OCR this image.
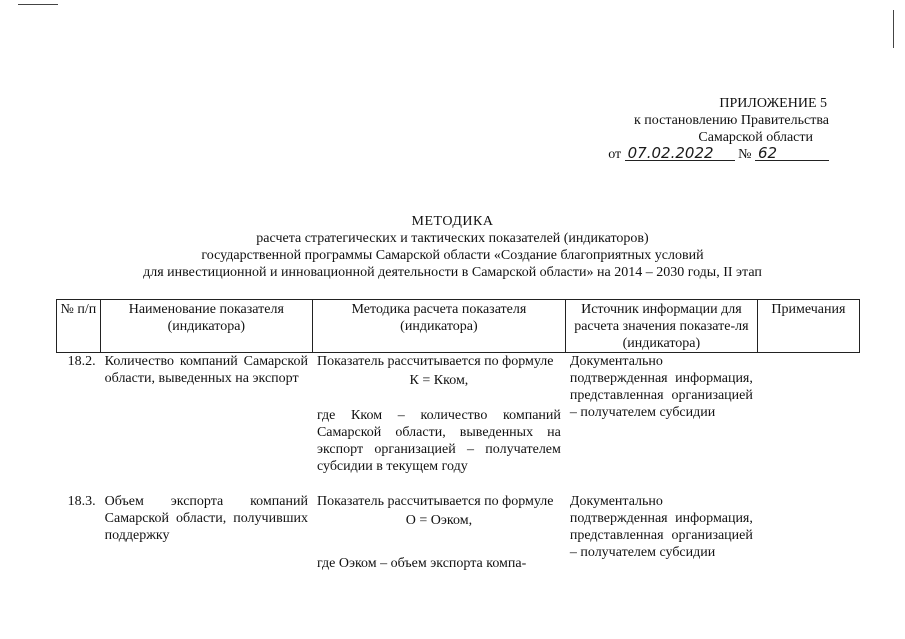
ПРИЛОЖЕНИЕ 5
к постановлению Правительства
Самарской области
от 07.02.2022 № 62
МЕТОДИКА
расчета стратегических и тактических показателей (индикаторов)
государственной программы Самарской области «Создание благоприятных условий
для инвестиционной и инновационной деятельности в Самарской области» на 2014 – 2030 годы, II этап
№ п/п	Наименование показателя (индикатора)	Методика расчета показателя (индикатора)	Источник информации для расчета значения показате-ля (индикатора)	Примечания
18.2.	Количество компаний Самарской области, выведенных на экспорт	Показатель рассчитывается по формуле
К = Кком,
где Кком – количество компаний Самарской области, выведенных на экспорт организацией – получателем субсидии в текущем году	Документально подтвержденная информация, представленная организацией – получателем субсидии	

18.3.	Объем экспорта компаний Самарской области, получивших поддержку	Показатель рассчитывается по формуле
О = Оэком,
где Оэком – объем экспорта компа-	Документально подтвержденная информация, представленная организацией – получателем субсидии	
